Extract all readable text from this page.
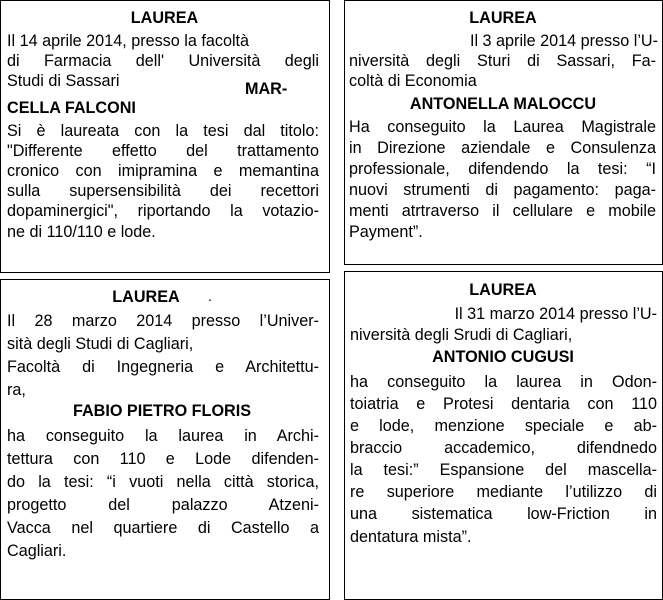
LAUREA
Il 14 aprile 2014, presso la facoltà
di Farmacia dell' Università degli
Studi di Sassari	MAR-
CELLA FALCONI
Si è laureata con la tesi dal titolo:
"Differente effetto del trattamento
cronico con imipramina e memantina
sulla supersensibilità dei recettori
dopaminergici", riportando la votazio-
ne di 110/110 e lode.
LAUREA
Il 3 aprile 2014 presso l’U-
niversità degli Sturi di Sassari, Fa-
coltà di Economia
ANTONELLA MALOCCU
Ha conseguito la Laurea Magistrale
in Direzione aziendale e Consulenza
professionale, difendendo la tesi: “I
nuovi strumenti di pagamento: paga-
menti atrtraverso il cellulare e mobile
Payment”.
LAUREA	.
Il 28 marzo 2014 presso l’Univer-
sità degli Studi di Cagliari,
Facoltà di Ingegneria e Architettu-
ra,
FABIO PIETRO FLORIS
ha conseguito la laurea in Archi-
tettura con 110 e Lode difenden-
do la tesi: “i vuoti nella città storica,
progetto del palazzo Atzeni-
Vacca nel quartiere di Castello a
Cagliari.
LAUREA
Il 31 marzo 2014 presso l’U-
niversità degli Srudi di Cagliari,
ANTONIO CUGUSI
ha conseguito la laurea in Odon-
toiatria e Protesi dentaria con 110
e lode, menzione speciale e ab-
braccio accademico, difendnedo
la tesi:” Espansione del mascella-
re superiore mediante l’utilizzo di
una sistematica low-Friction in
dentatura mista”.
